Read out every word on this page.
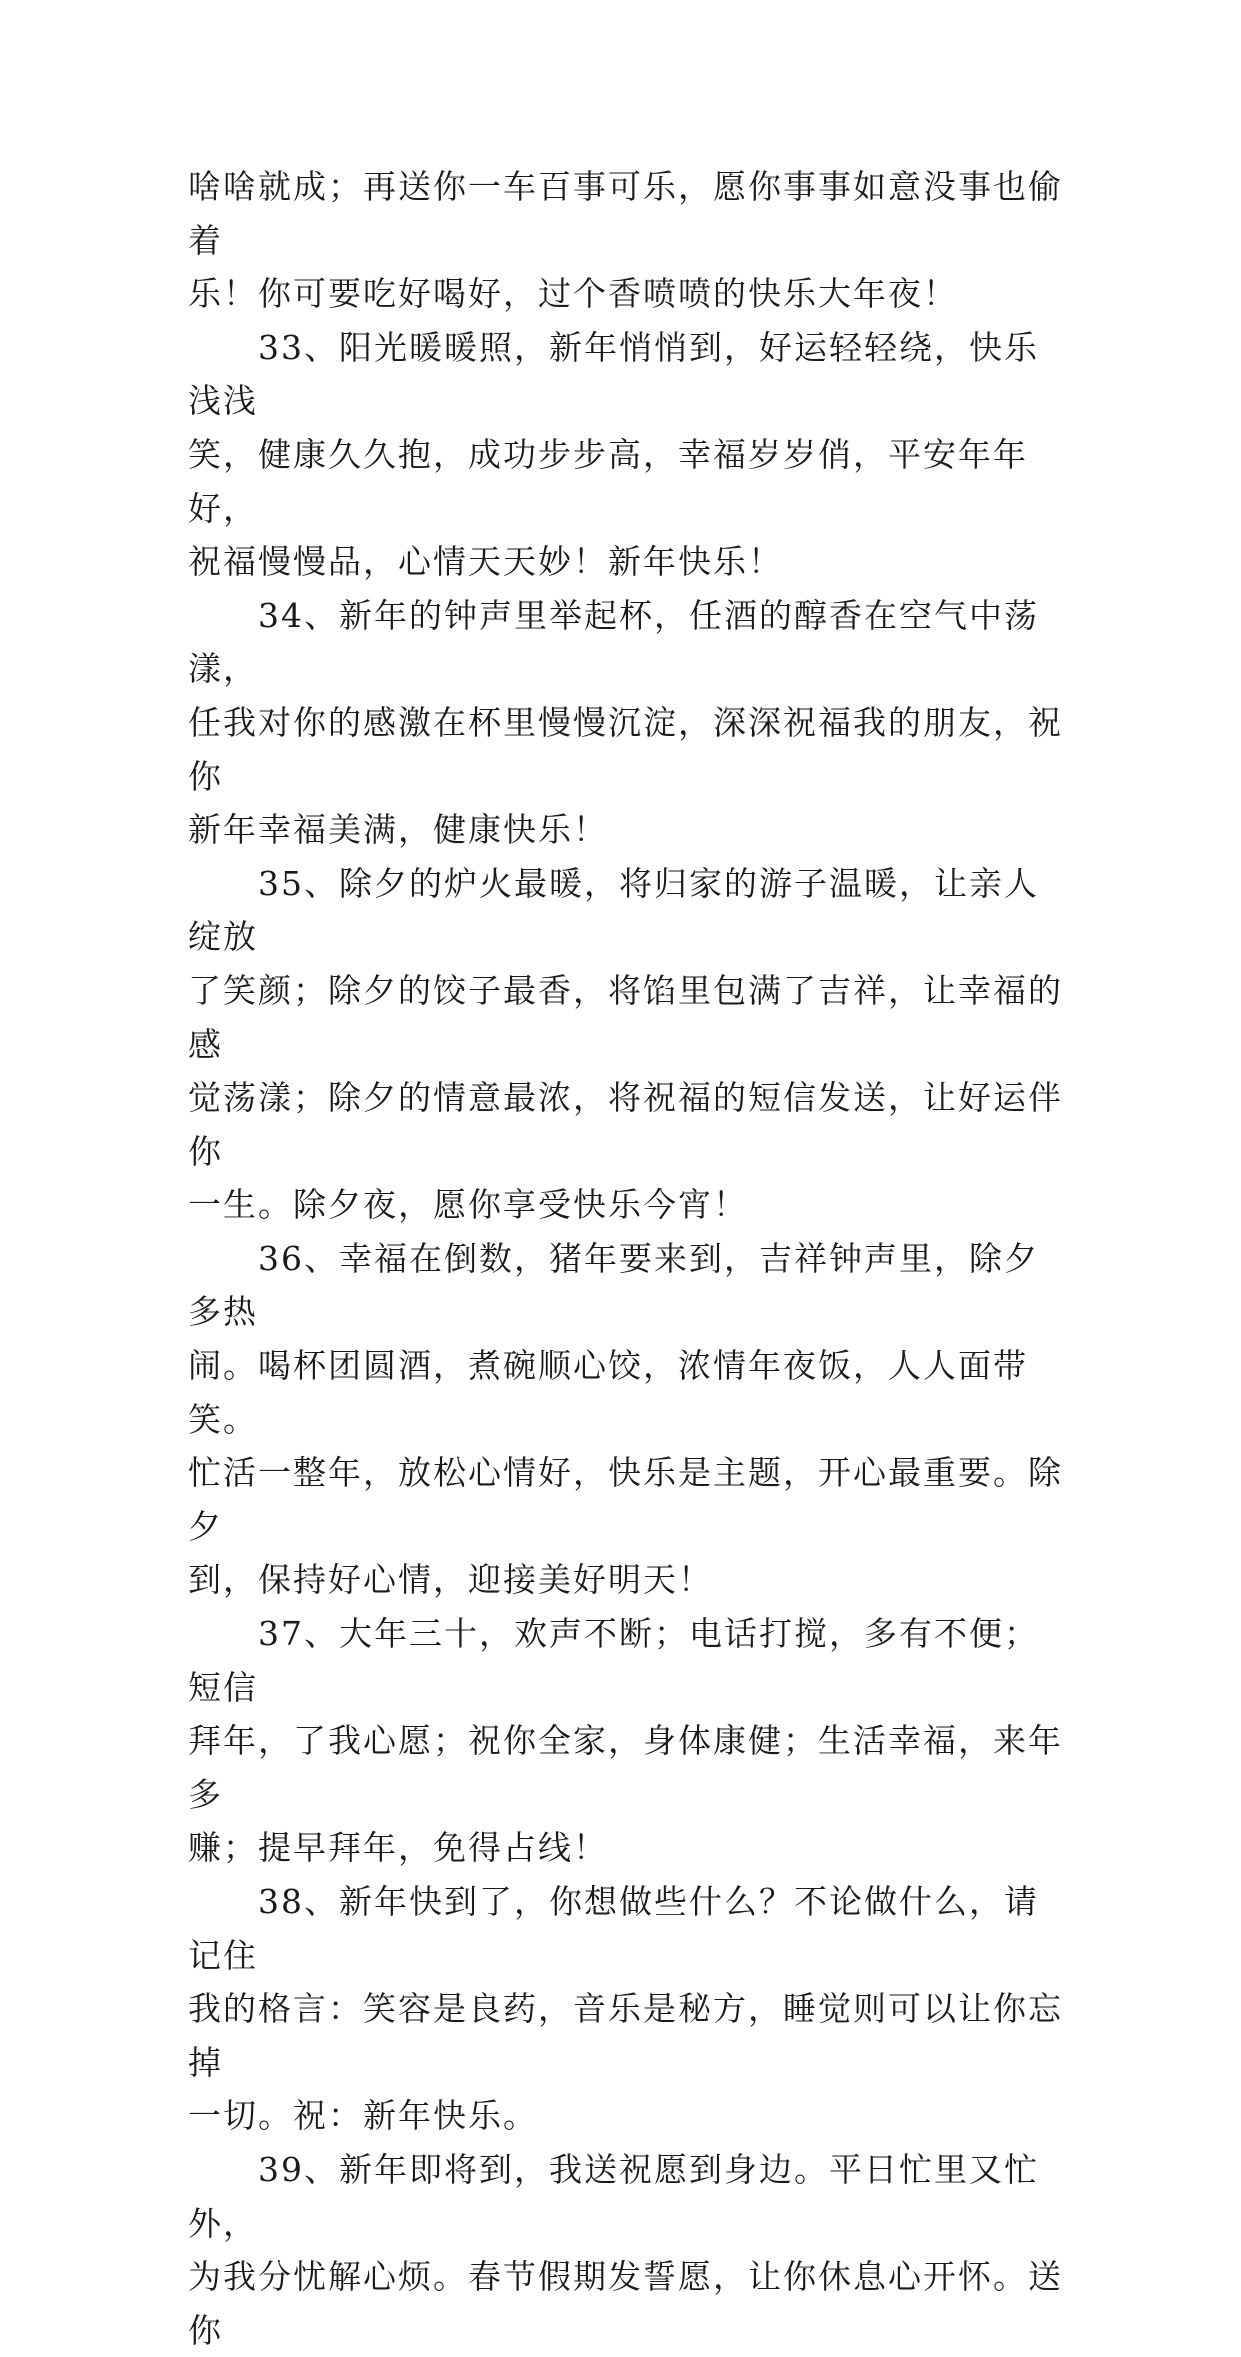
啥啥就成；再送你一车百事可乐，愿你事事如意没事也偷着
乐！你可要吃好喝好，过个香喷喷的快乐大年夜！
　　33、阳光暖暖照，新年悄悄到，好运轻轻绕，快乐浅浅
笑，健康久久抱，成功步步高，幸福岁岁俏，平安年年好，
祝福慢慢品，心情天天妙！新年快乐！
　　34、新年的钟声里举起杯，任酒的醇香在空气中荡漾，
任我对你的感激在杯里慢慢沉淀，深深祝福我的朋友，祝你
新年幸福美满，健康快乐！
　　35、除夕的炉火最暖，将归家的游子温暖，让亲人绽放
了笑颜；除夕的饺子最香，将馅里包满了吉祥，让幸福的感
觉荡漾；除夕的情意最浓，将祝福的短信发送，让好运伴你
一生。除夕夜，愿你享受快乐今宵！
　　36、幸福在倒数，猪年要来到，吉祥钟声里，除夕多热
闹。喝杯团圆酒，煮碗顺心饺，浓情年夜饭，人人面带笑。
忙活一整年，放松心情好，快乐是主题，开心最重要。除夕
到，保持好心情，迎接美好明天！
　　37、大年三十，欢声不断；电话打搅，多有不便；短信
拜年，了我心愿；祝你全家，身体康健；生活幸福，来年多
赚；提早拜年，免得占线！
　　38、新年快到了，你想做些什么？不论做什么，请记住
我的格言：笑容是良药，音乐是秘方，睡觉则可以让你忘掉
一切。祝：新年快乐。
　　39、新年即将到，我送祝愿到身边。平日忙里又忙外，
为我分忧解心烦。春节假期发誓愿，让你休息心开怀。送你
